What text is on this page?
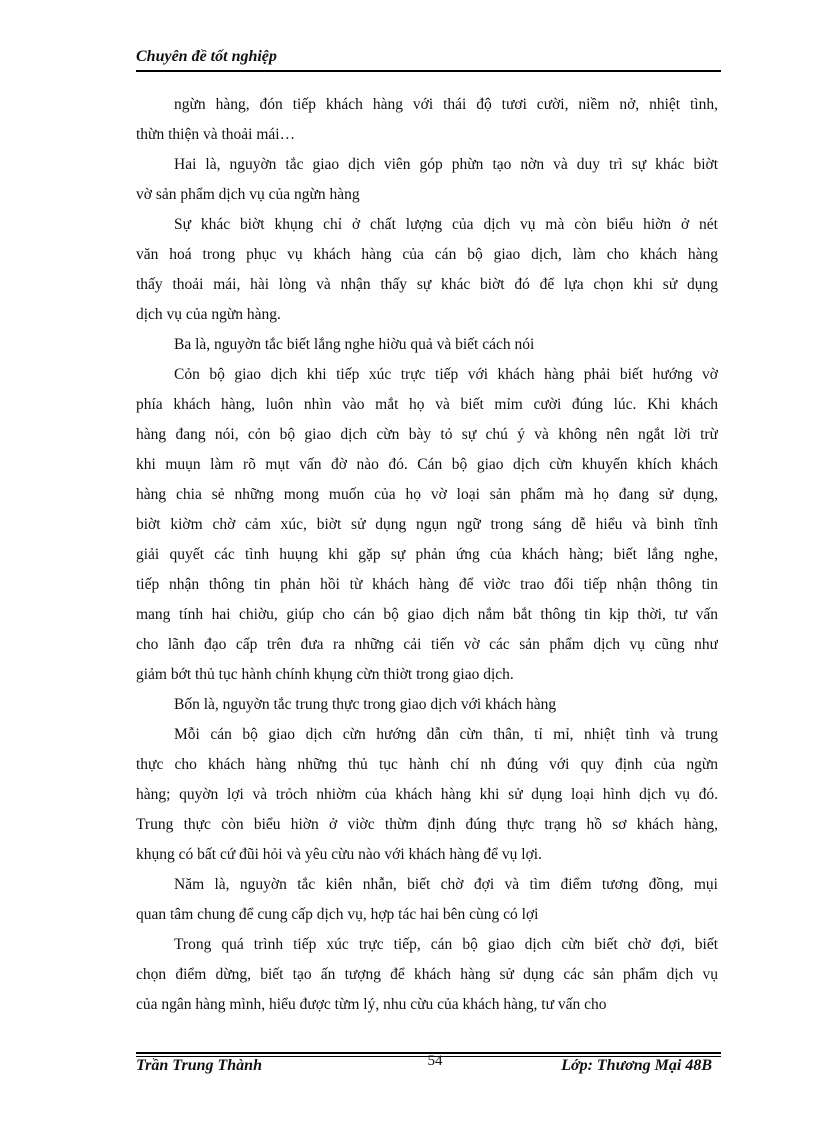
Chuyên đề tốt nghiệp
ngừn hàng, đón tiếp khách hàng với thái độ tươi cười, niềm nở, nhiệt tình,
thừn thiện và thoải mái…
Hai là, nguyờn tắc giao dịch viên góp phừn tạo nờn và duy trì sự khác biờt
vờ sản phẩm dịch vụ của ngừn hàng
Sự khác biờt khụng chỉ ở chất lượng của dịch vụ mà còn biểu hiờn ở nét
văn hoá trong phục vụ khách hàng của cán bộ giao dịch, làm cho khách hàng
thấy thoải mái, hài lòng và nhận thấy sự khác biờt đó để lựa chọn khi sử dụng
dịch vụ của ngừn hàng.
Ba là, nguyờn tắc biết lắng nghe hiờu quả và biết cách nói
Cỏn bộ giao dịch khi tiếp xúc trực tiếp với khách hàng phải biết hướng vờ
phía khách hàng, luôn nhìn vào mắt họ và biết mỉm cười đúng lúc. Khi khách
hàng đang nói, cỏn bộ giao dịch cừn bày tỏ sự chú ý và không nên ngắt lời trừ
khi muụn làm rõ mụt vấn đờ nào đó. Cán bộ giao dịch cừn khuyến khích khách
hàng chia sẻ những mong muốn của họ vờ loại sản phẩm mà họ đang sử dụng,
biờt kiờm chờ cảm xúc, biờt sử dụng ngụn ngữ trong sáng dễ hiểu và bình tĩnh
giải quyết các tình huụng khi gặp sự phản ứng của khách hàng; biết lắng nghe,
tiếp nhận thông tin phản hồi từ khách hàng để viờc trao đổi tiếp nhận thông tin
mang tính hai chiờu, giúp cho cán bộ giao dịch nắm bắt thông tin kịp thời, tư vấn
cho lãnh đạo cấp trên đưa ra những cải tiến vờ các sản phẩm dịch vụ cũng như
giảm bớt thủ tục hành chính khụng cừn thiờt trong giao dịch.
Bốn là, nguyờn tắc trung thực trong giao dịch với khách hàng
Mỗi cán bộ giao dịch cừn hướng dẫn cừn thân, tỉ mỉ, nhiệt tình và trung
thực cho khách hàng những thủ tục hành chí nh đúng với quy định của ngừn
hàng; quyờn lợi và trỏch nhiờm của khách hàng khi sử dụng loại hình dịch vụ đó.
Trung thực còn biểu hiờn ở viờc thừm định đúng thực trạng hồ sơ khách hàng,
khụng có bất cứ đũi hỏi và yêu cừu nào với khách hàng để vụ lợi.
Năm là, nguyờn tắc kiên nhẫn, biết chờ đợi và tìm điểm tương đồng, mụi
quan tâm chung để cung cấp dịch vụ, hợp tác hai bên cùng có lợi
Trong quá trình tiếp xúc trực tiếp, cán bộ giao dịch cừn biết chờ đợi, biết
chọn điểm dừng, biết tạo ấn tượng để khách hàng sử dụng các sản phẩm dịch vụ
của ngân hàng mình, hiểu được từm lý, nhu cừu của khách hàng, tư vấn cho
Trần Trung Thành	54	Lớp: Thương Mại 48B
